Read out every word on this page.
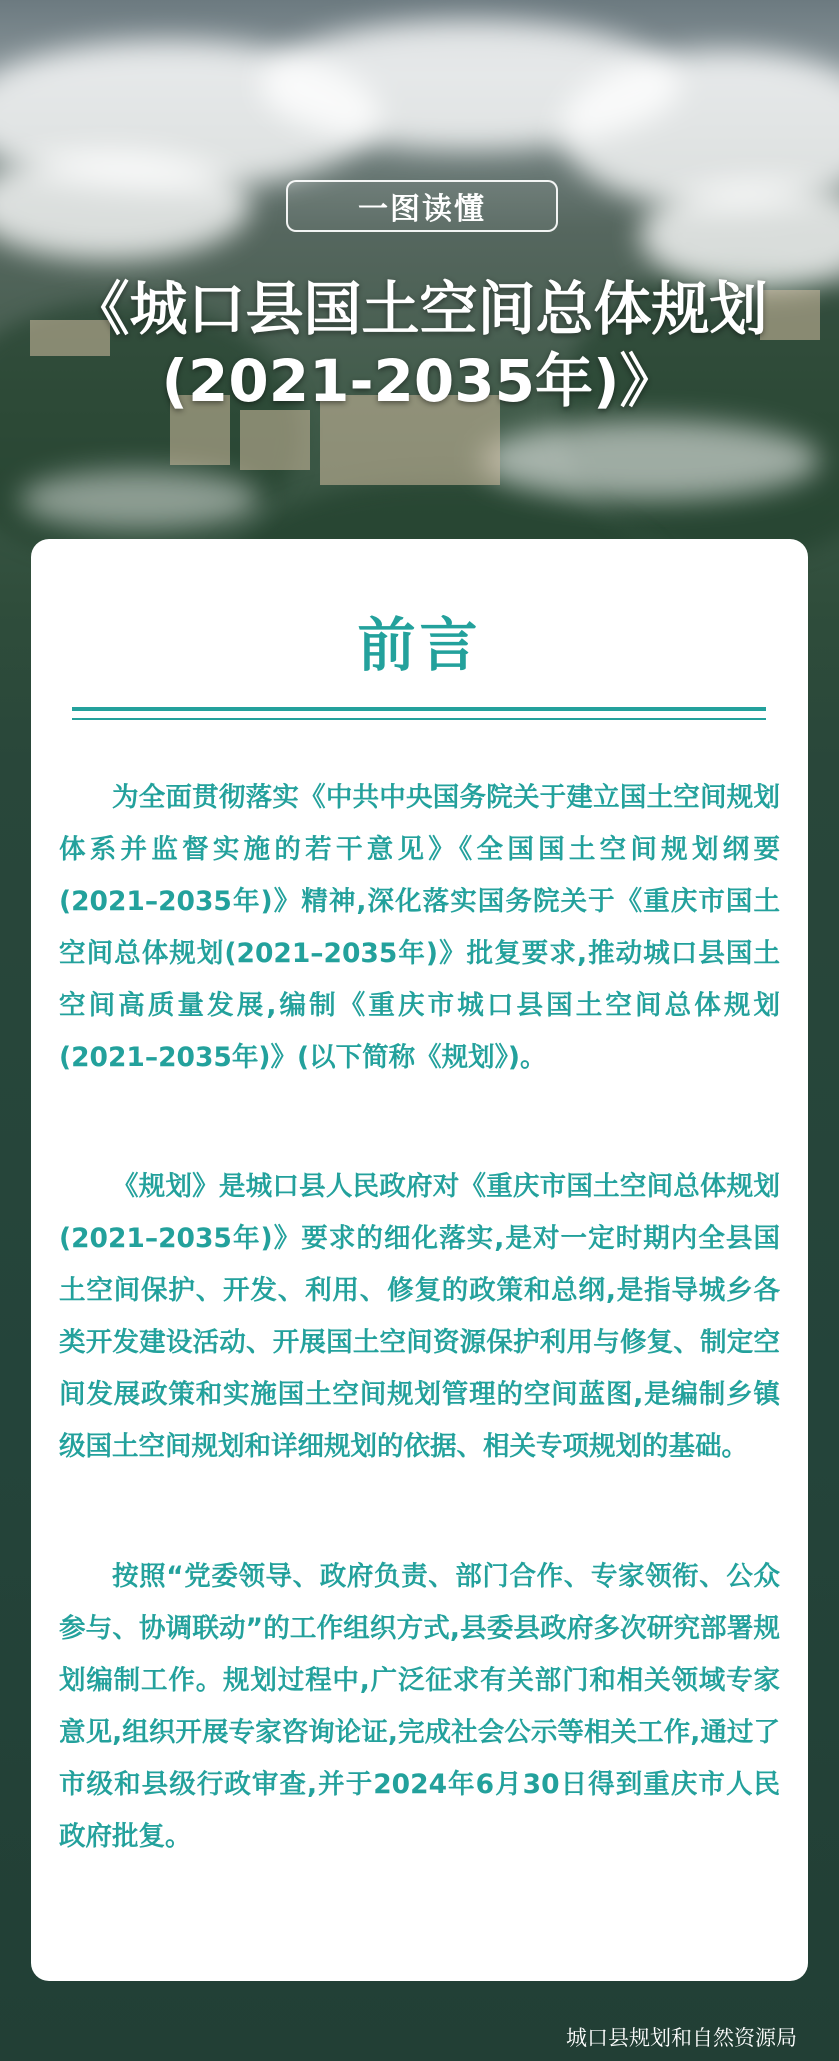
一图读懂
《城口县国土空间总体规划
(2021-2035年)》
前言

为全面贯彻落实《中共中央国务院关于建立国土空间规划体系并监督实施的若干意见》《全国国土空间规划纲要(2021–2035年)》精神,深化落实国务院关于《重庆市国土空间总体规划(2021–2035年)》批复要求,推动城口县国土空间高质量发展,编制《重庆市城口县国土空间总体规划(2021–2035年)》(以下简称《规划》)。

《规划》是城口县人民政府对《重庆市国土空间总体规划(2021–2035年)》要求的细化落实,是对一定时期内全县国土空间保护、开发、利用、修复的政策和总纲,是指导城乡各类开发建设活动、开展国土空间资源保护利用与修复、制定空间发展政策和实施国土空间规划管理的空间蓝图,是编制乡镇级国土空间规划和详细规划的依据、相关专项规划的基础。

按照“党委领导、政府负责、部门合作、专家领衔、公众参与、协调联动”的工作组织方式,县委县政府多次研究部署规划编制工作。规划过程中,广泛征求有关部门和相关领域专家意见,组织开展专家咨询论证,完成社会公示等相关工作,通过了市级和县级行政审查,并于2024年6月30日得到重庆市人民政府批复。

城口县规划和自然资源局
